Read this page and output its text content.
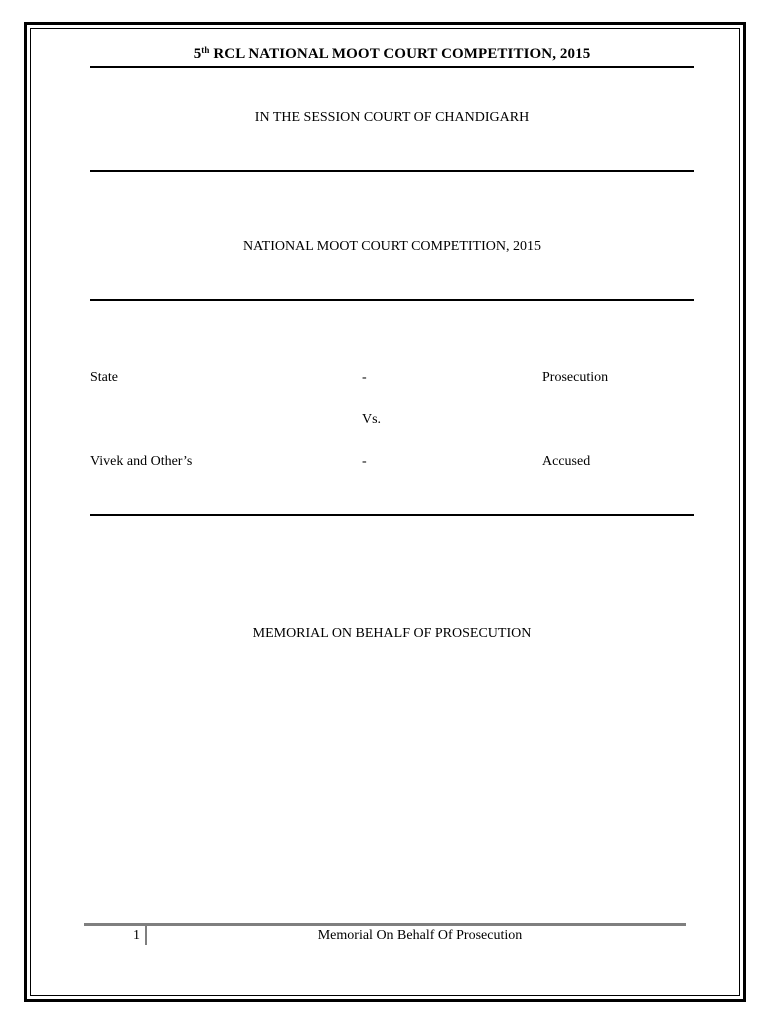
5th RCL NATIONAL MOOT COURT COMPETITION, 2015
IN THE SESSION COURT OF CHANDIGARH
NATIONAL MOOT COURT COMPETITION, 2015
State	-	Prosecution
Vs.
Vivek and Other’s	-	Accused
MEMORIAL ON BEHALF OF PROSECUTION
1	Memorial On Behalf Of Prosecution
